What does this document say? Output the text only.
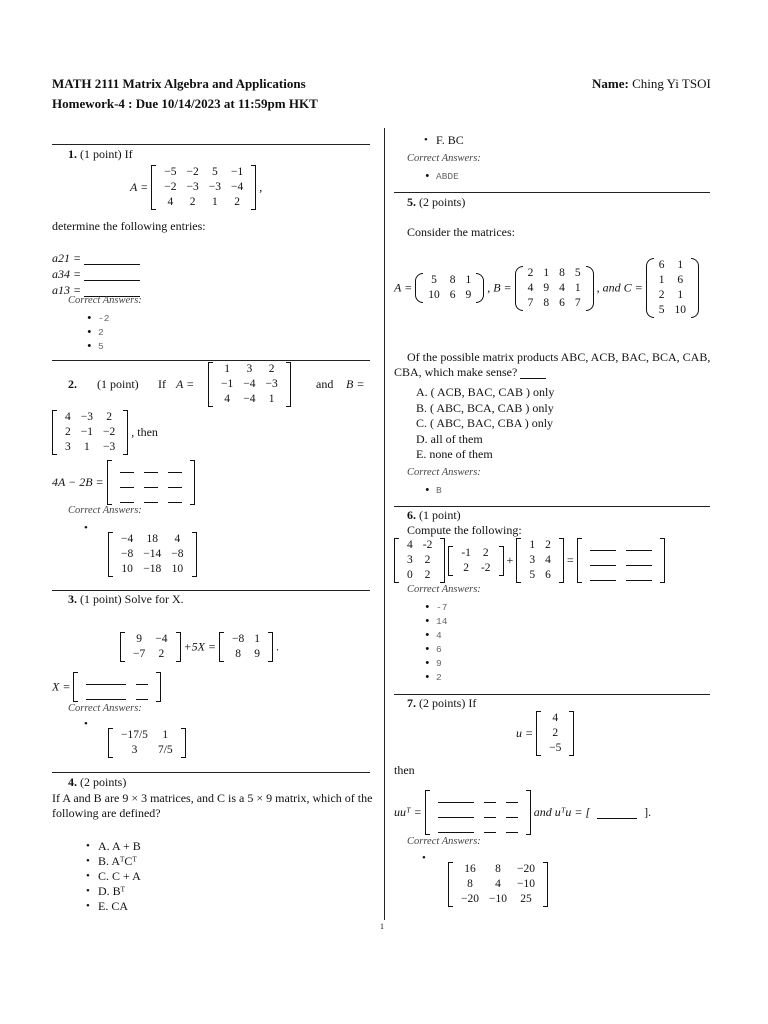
MATH 2111 Matrix Algebra and Applications
Homework-4 : Due 10/14/2023 at 11:59pm HKT
Name: Ching Yi TSOI
1. (1 point) If
A =
−5	−2	5	−1
−2	−3	−3	−4
4	2	1	2
,
determine the following entries:
a21 =
a34 =
a13 =
Correct Answers:
• -2
• 2
• 5
2. (1 point) If A =
1	3	2
−1	−4	−3
4	−4	1
and B =
4	−3	2
2	−1	−2
3	1	−3
, then
4A − 2B =

Correct Answers:
•
−4	18	4
−8	−14	−8
10	−18	10
3. (1 point) Solve for X.
9	−4
−7	2
+5X =
−8	1
8	9
.
X =

Correct Answers:
•
−17/5	1
3	7/5
4. (2 points)
If A and B are 9 × 3 matrices, and C is a 5 × 9 matrix, which of the following are defined?
• A. A + B
• B. AᵀCᵀ
• C. C + A
• D. Bᵀ
• E. CA
• F. BC
Correct Answers:
• ABDE
5. (2 points)
Consider the matrices:
A =
5	8	1
10	6	9
, B =
2	1	8	5
4	9	4	1
7	8	6	7
, and C =
6	1
1	6
2	1
5	10
Of the possible matrix products ABC, ACB, BAC, BCA, CAB, CBA, which make sense?
A. ( ACB, BAC, CAB ) only
B. ( ABC, BCA, CAB ) only
C. ( ABC, BAC, CBA ) only
D. all of them
E. none of them
Correct Answers:
• B
6. (1 point)
Compute the following:
4	-2
3	2
0	2

-1	2
2	-2
+
1	2
3	4
5	6
=

Correct Answers:
• -7
• 14
• 4
• 6
• 9
• 2
7. (2 points) If
u =
4
2
−5
then
uuᵀ =

			and uᵀu = [	].
Correct Answers:
•
16	8	−20
8	4	−10
−20	−10	25
1
